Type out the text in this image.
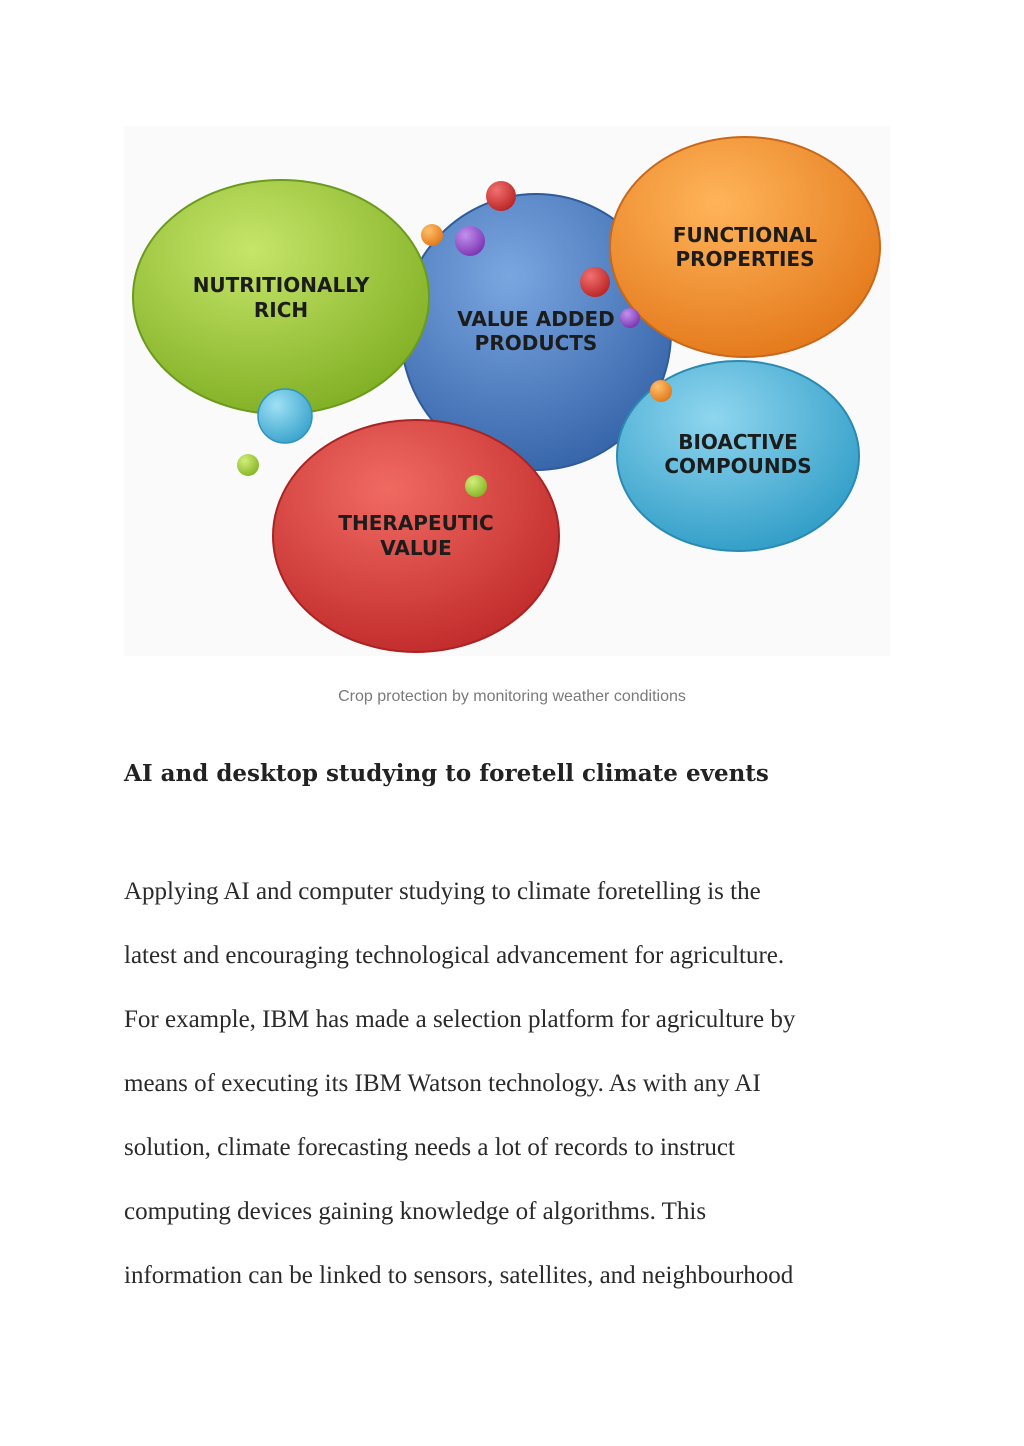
VALUE ADDED
PRODUCTS
NUTRITIONALLY
RICH
FUNCTIONAL
PROPERTIES
BIOACTIVE
COMPOUNDS
THERAPEUTIC
VALUE
Crop protection by monitoring weather conditions
AI and desktop studying to foretell climate events
Applying AI and computer studying to climate foretelling is the
latest and encouraging technological advancement for agriculture.
For example, IBM has made a selection platform for agriculture by
means of executing its IBM Watson technology. As with any AI
solution, climate forecasting needs a lot of records to instruct
computing devices gaining knowledge of algorithms. This
information can be linked to sensors, satellites, and neighbourhood
